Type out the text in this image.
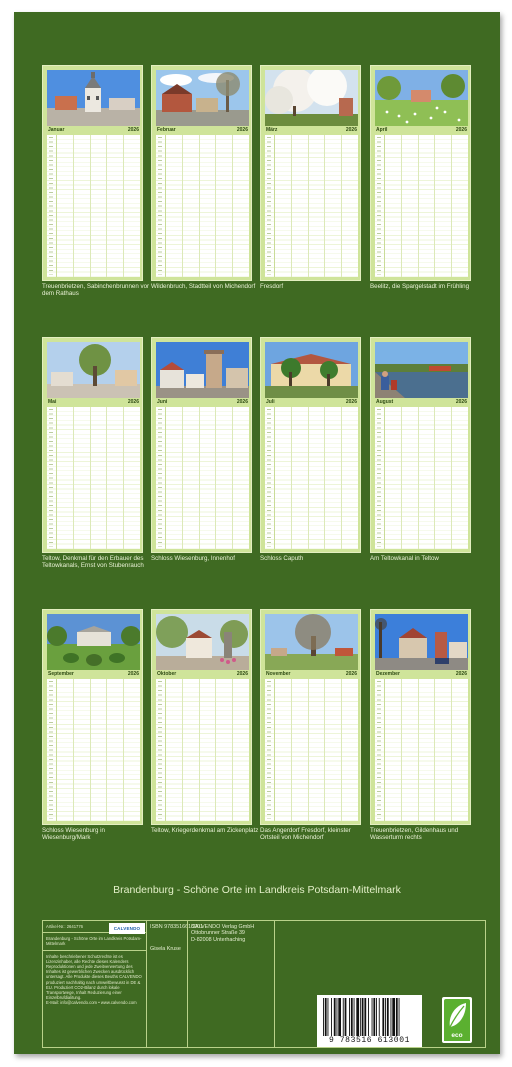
Januar	2026
Treuenbrietzen, Sabinchenbrunnen vor dem Rathaus
Februar	2026
Wildenbruch, Stadtteil von Michendorf
März	2026
Fresdorf
April	2026
Beelitz, die Spargelstadt im Frühling
Mai	2026
Teltow, Denkmal für den Erbauer des Teltowkanals, Ernst von Stubenrauch
Juni	2026
Schloss Wiesenburg, Innenhof
Juli	2026
Schloss Caputh
August	2026
Am Teltowkanal in Teltow
September	2026
Schloss Wiesenburg in Wiesenburg/Mark
Oktober	2026
Teltow, Kriegerdenkmal am Zickenplatz
November	2026
Das Angerdorf Fresdorf, kleinster Ortsteil von Michendorf
Dezember	2026
Treuenbrietzen, Gildenhaus und Wasserturm rechts
Brandenburg - Schöne Orte im Landkreis Potsdam-Mittelmark
Artikel-Nr.: 2641776	CALVENDO
Brandenburg - Schöne Orte im Landkreis Potsdam-Mittelmark
Inhalte beschriebener Schutzrechte ist es Lizenzinhaber, alle Rechte dieses Kalenders Reproduktionen und jede Zweitverwertung des Inhaltes ist gewerblichen Zwecken ausdrücklich untersagt. Alle Produkte dieses Beuths CALVENDO produziert nachhaltig nach umweltbewusst in DE & EU. Produziert CO2-Bilanz durch lokale Transportwege, Inhalt Reduzierung einer Einzelbrufdialitung.
E-Mail: info@calvendo.com • www.calvendo.com
ISBN 9783516613001
Gisela Kruse
CALVENDO Verlag GmbH
Ottobrunner Straße 39
D-82008 Unterhaching
9 783516 613001
eco
